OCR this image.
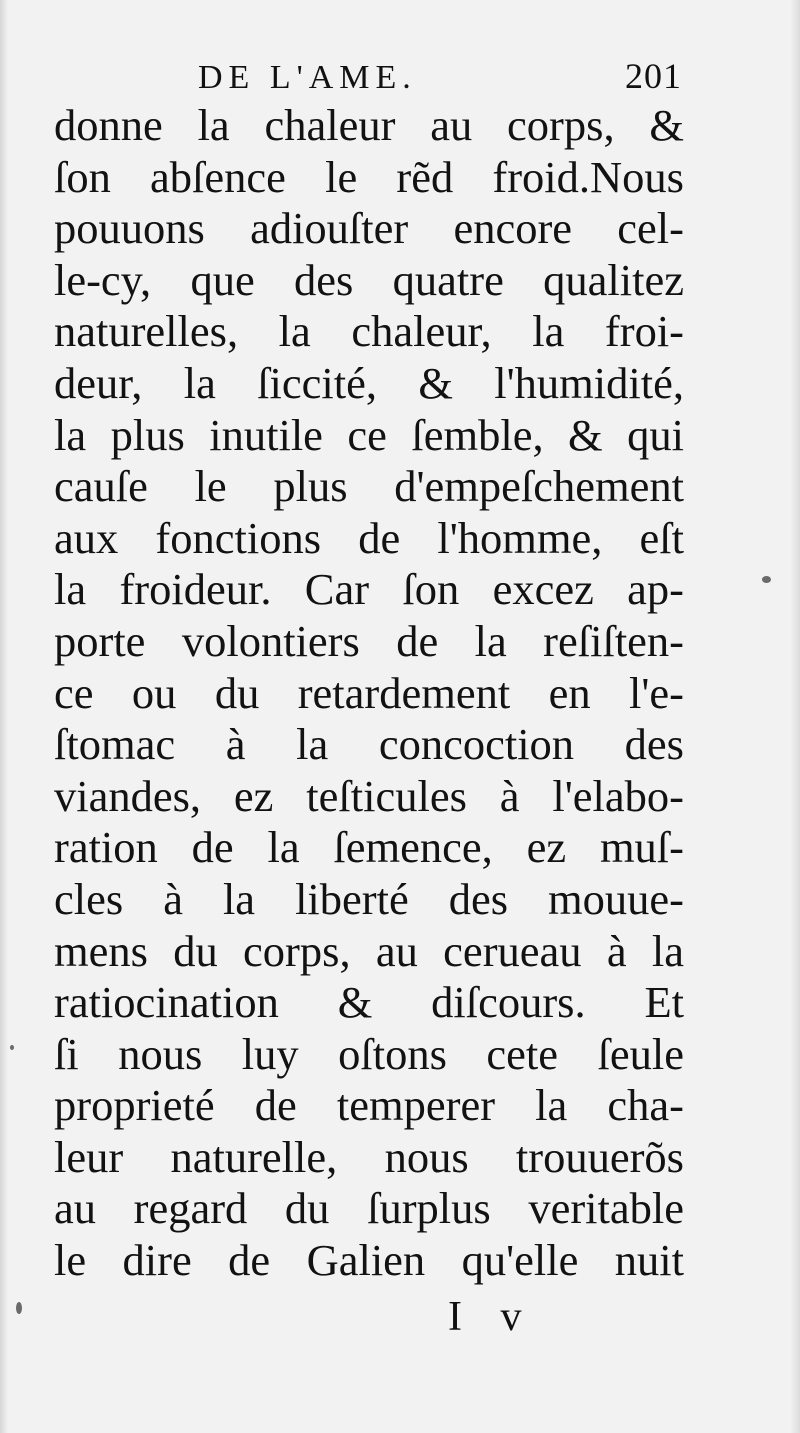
DE L'AME.	201
donne la chaleur au corps, &
ſon abſence le rẽd froid.Nous
pouuons adiouſter encore cel-
le-cy, que des quatre qualitez
naturelles, la chaleur, la froi-
deur, la ſiccité, & l'humidité,
la plus inutile ce ſemble, & qui
cauſe le plus d'empeſchement
aux fonctions de l'homme, eſt
la froideur. Car ſon excez ap-
porte volontiers de la reſiſten-
ce ou du retardement en l'e-
ſtomac à la concoction des
viandes, ez teſticules à l'elabo-
ration de la ſemence, ez muſ-
cles à la liberté des mouue-
mens du corps, au cerueau à la
ratiocination & diſcours. Et
ſi nous luy oſtons cete ſeule
proprieté de temperer la cha-
leur naturelle, nous trouuerõs
au regard du ſurplus veritable
le dire de Galien qu'elle nuit
I v
